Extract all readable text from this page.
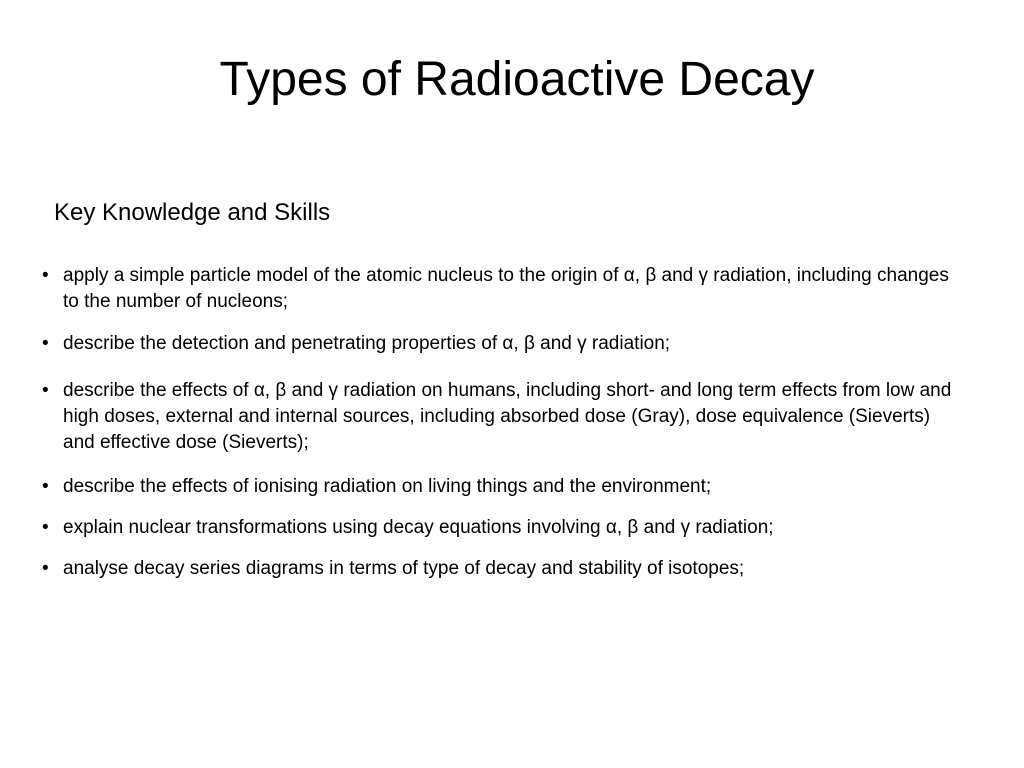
Types of Radioactive Decay
Key Knowledge and Skills
• apply a simple particle model of the atomic nucleus to the origin of α, β and γ radiation, including changes to the number of nucleons;
• describe the detection and penetrating properties of α, β and γ radiation;
• describe the effects of α, β and γ radiation on humans, including short- and long term effects from low and high doses, external and internal sources, including absorbed dose (Gray), dose equivalence (Sieverts) and effective dose (Sieverts);
• describe the effects of ionising radiation on living things and the environment;
• explain nuclear transformations using decay equations involving α, β and γ radiation;
• analyse decay series diagrams in terms of type of decay and stability of isotopes;
